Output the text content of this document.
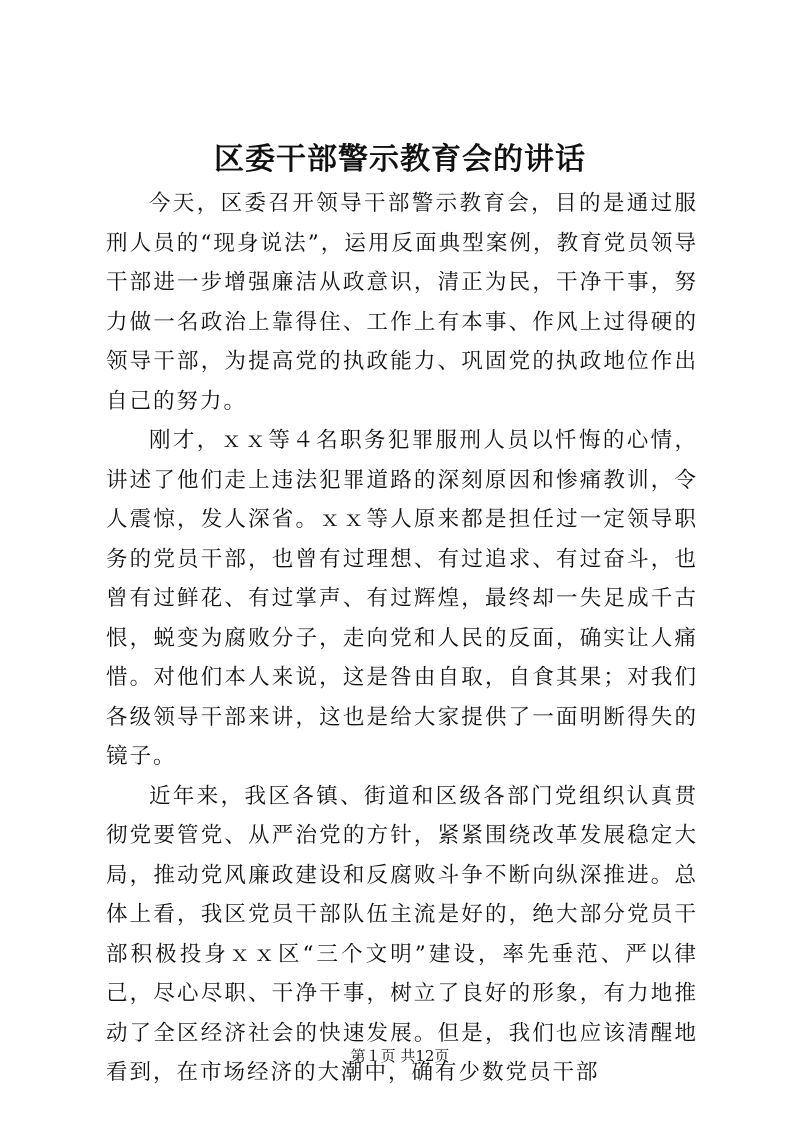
区委干部警示教育会的讲话

今天，区委召开领导干部警示教育会，目的是通过服刑人员的“现身说法”，运用反面典型案例，教育党员领导干部进一步增强廉洁从政意识，清正为民，干净干事，努力做一名政治上靠得住、工作上有本事、作风上过得硬的领导干部，为提高党的执政能力、巩固党的执政地位作出自己的努力。

刚才，ｘｘ等４名职务犯罪服刑人员以忏悔的心情，讲述了他们走上违法犯罪道路的深刻原因和惨痛教训，令人震惊，发人深省。ｘｘ等人原来都是担任过一定领导职务的党员干部，也曾有过理想、有过追求、有过奋斗，也曾有过鲜花、有过掌声、有过辉煌，最终却一失足成千古恨，蜕变为腐败分子，走向党和人民的反面，确实让人痛惜。对他们本人来说，这是咎由自取，自食其果；对我们各级领导干部来讲，这也是给大家提供了一面明断得失的镜子。

近年来，我区各镇、街道和区级各部门党组织认真贯彻党要管党、从严治党的方针，紧紧围绕改革发展稳定大局，推动党风廉政建设和反腐败斗争不断向纵深推进。总体上看，我区党员干部队伍主流是好的，绝大部分党员干部积极投身ｘｘ区“三个文明”建设，率先垂范、严以律己，尽心尽职、干净干事，树立了良好的形象，有力地推动了全区经济社会的快速发展。但是，我们也应该清醒地看到，在市场经济的大潮中，确有少数党员干部

第１页 共12页
